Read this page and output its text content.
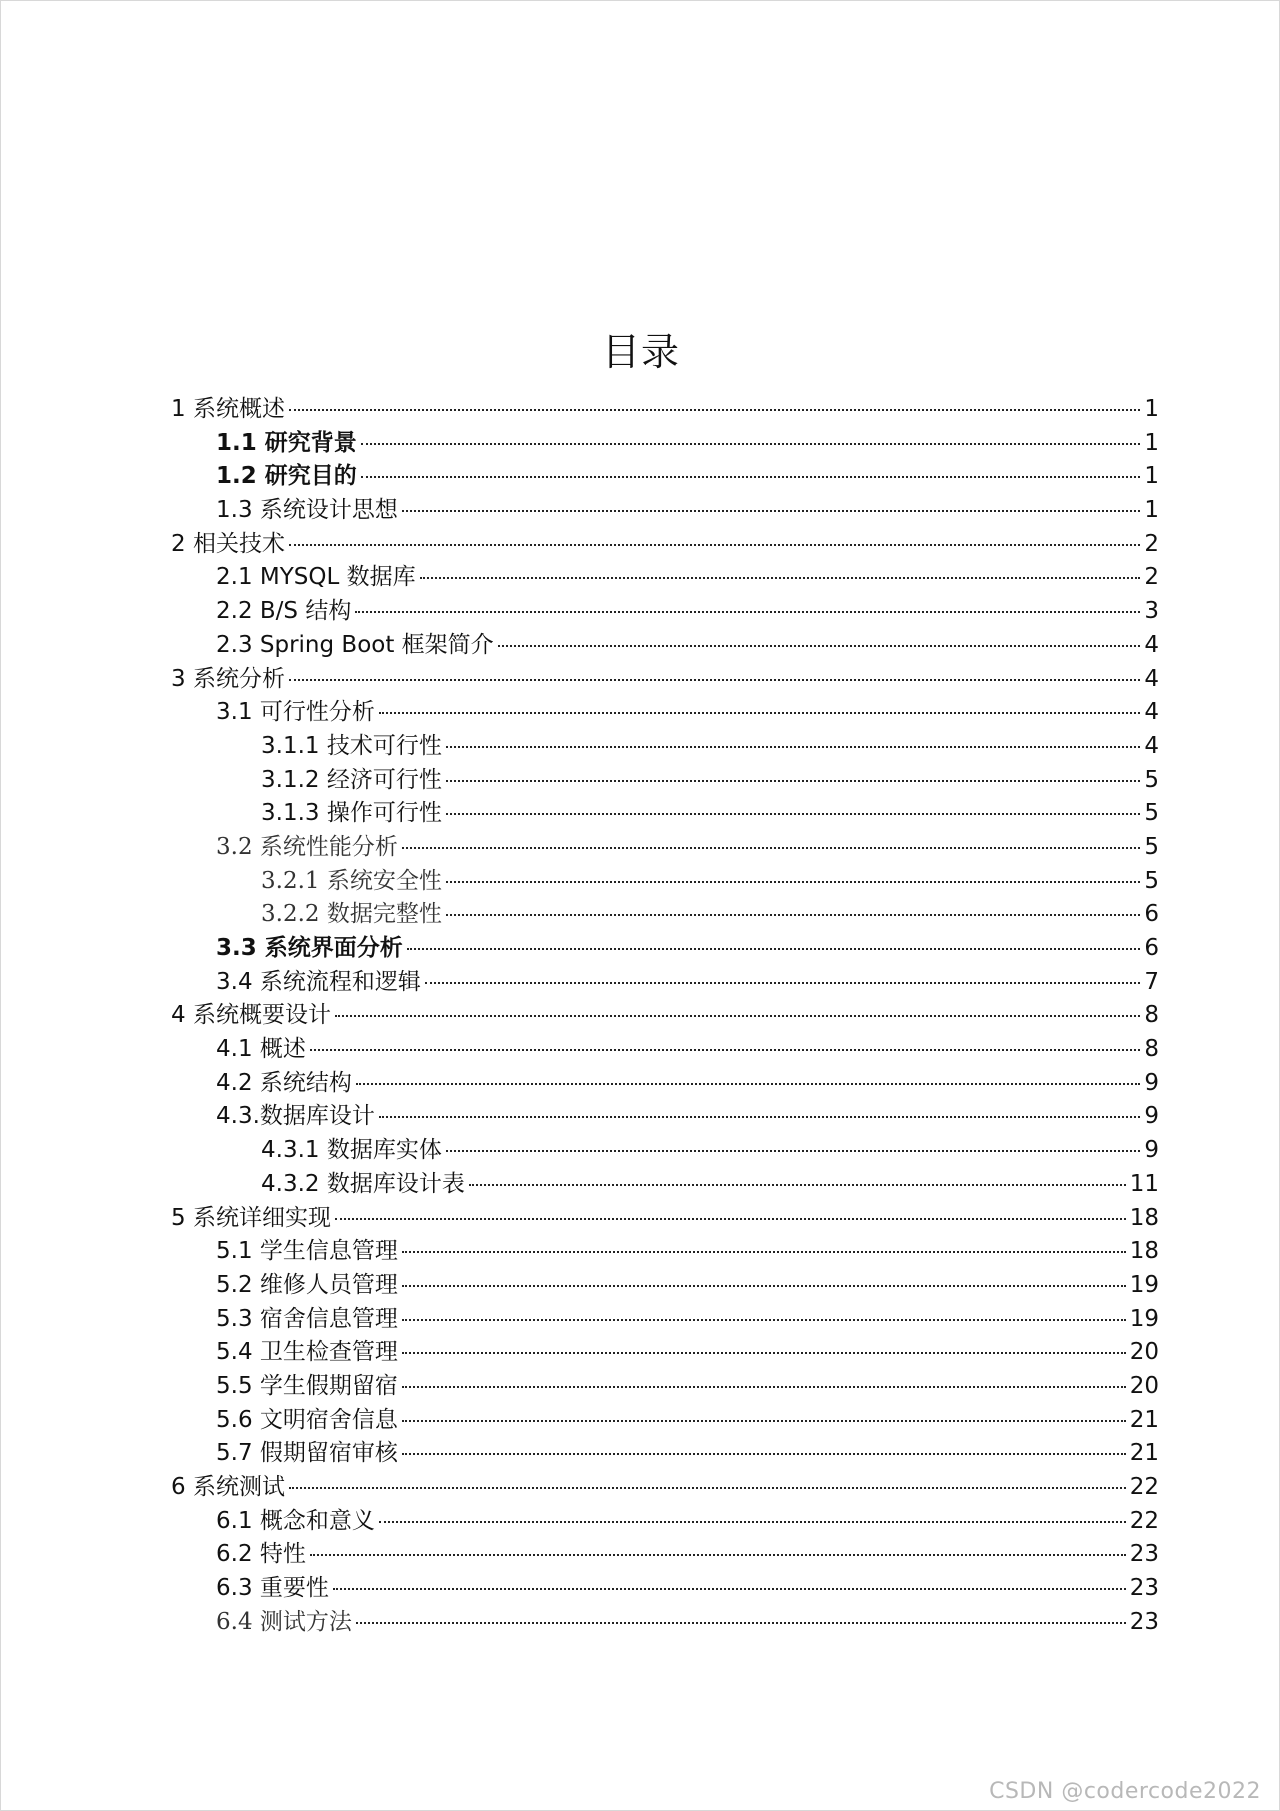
目录
1 系统概述	1
1.1 研究背景	1
1.2 研究目的	1
1.3 系统设计思想	1
2 相关技术	2
2.1 MYSQL 数据库	2
2.2 B/S 结构	3
2.3 Spring Boot 框架简介	4
3 系统分析	4
3.1 可行性分析	4
3.1.1 技术可行性	4
3.1.2 经济可行性	5
3.1.3 操作可行性	5
3.2 系统性能分析	5
3.2.1 系统安全性	5
3.2.2 数据完整性	6
3.3 系统界面分析	6
3.4 系统流程和逻辑	7
4 系统概要设计	8
4.1 概述	8
4.2 系统结构	9
4.3.数据库设计	9
4.3.1 数据库实体	9
4.3.2 数据库设计表	11
5 系统详细实现	18
5.1 学生信息管理	18
5.2 维修人员管理	19
5.3 宿舍信息管理	19
5.4 卫生检查管理	20
5.5 学生假期留宿	20
5.6 文明宿舍信息	21
5.7 假期留宿审核	21
6 系统测试	22
6.1 概念和意义	22
6.2 特性	23
6.3 重要性	23
6.4 测试方法	23
CSDN @codercode2022
